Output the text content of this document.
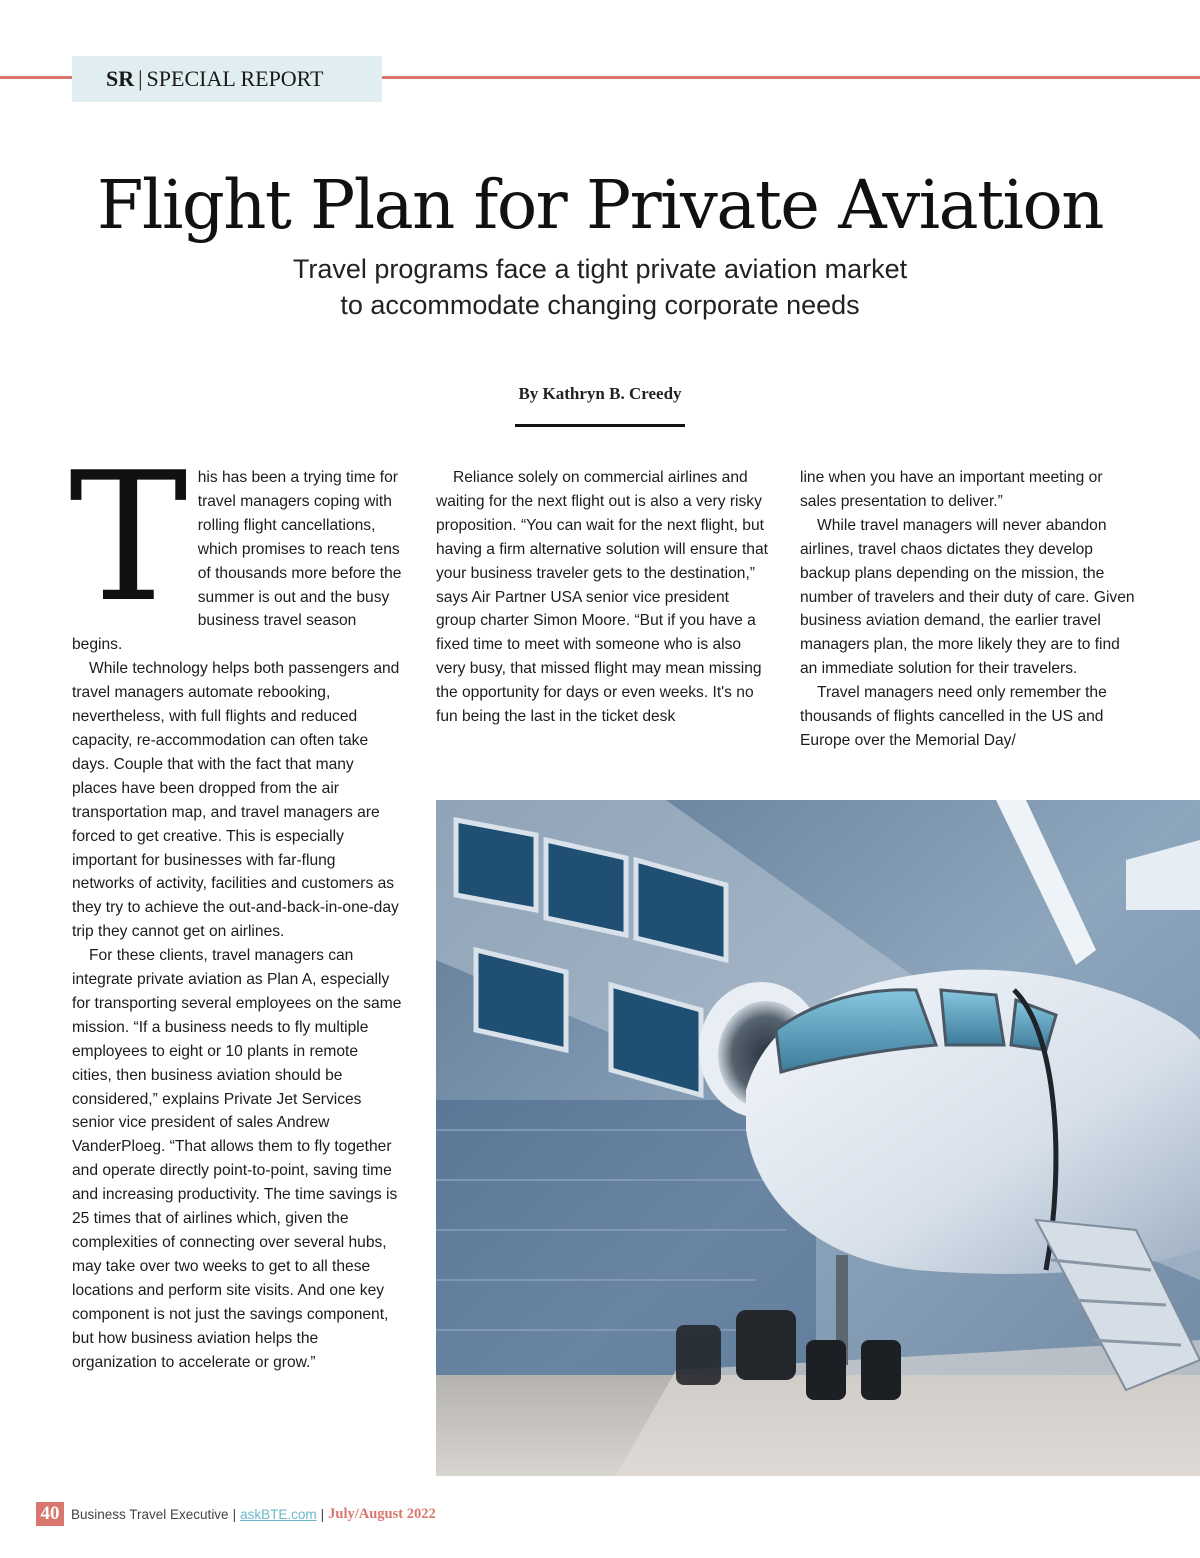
SR | SPECIAL REPORT
Flight Plan for Private Aviation
Travel programs face a tight private aviation market
to accommodate changing corporate needs
By Kathryn B. Creedy

This has been a trying time for travel managers coping with rolling flight cancellations, which promises to reach tens of thousands more before the summer is out and the busy business travel season begins.

While technology helps both passengers and travel managers automate rebooking, nevertheless, with full flights and reduced capacity, re-accommodation can often take days. Couple that with the fact that many places have been dropped from the air transportation map, and travel managers are forced to get creative. This is especially important for businesses with far-flung networks of activity, facilities and customers as they try to achieve the out-and-back-in-one-day trip they cannot get on airlines.

For these clients, travel managers can integrate private aviation as Plan A, especially for transporting several employees on the same mission. “If a business needs to fly multiple employees to eight or 10 plants in remote cities, then business aviation should be considered,” explains Private Jet Services senior vice president of sales Andrew VanderPloeg. “That allows them to fly together and operate directly point-to-point, saving time and increasing productivity. The time savings is 25 times that of airlines which, given the complexities of connecting over several hubs, may take over two weeks to get to all these locations and perform site visits. And one key component is not just the savings component, but how business aviation helps the organization to accelerate or grow.”

Reliance solely on commercial airlines and waiting for the next flight out is also a very risky proposition. “You can wait for the next flight, but having a firm alternative solution will ensure that your business traveler gets to the destination,” says Air Partner USA senior vice president group charter Simon Moore. “But if you have a fixed time to meet with someone who is also very busy, that missed flight may mean missing the opportunity for days or even weeks. It's no fun being the last in the ticket desk

line when you have an important meeting or sales presentation to deliver.”

While travel managers will never abandon airlines, travel chaos dictates they develop backup plans depending on the mission, the number of travelers and their duty of care. Given business aviation demand, the earlier travel managers plan, the more likely they are to find an immediate solution for their travelers.

Travel managers need only remember the thousands of flights cancelled in the US and Europe over the Memorial Day/

40 Business Travel Executive | askBTE.com | July/August 2022
